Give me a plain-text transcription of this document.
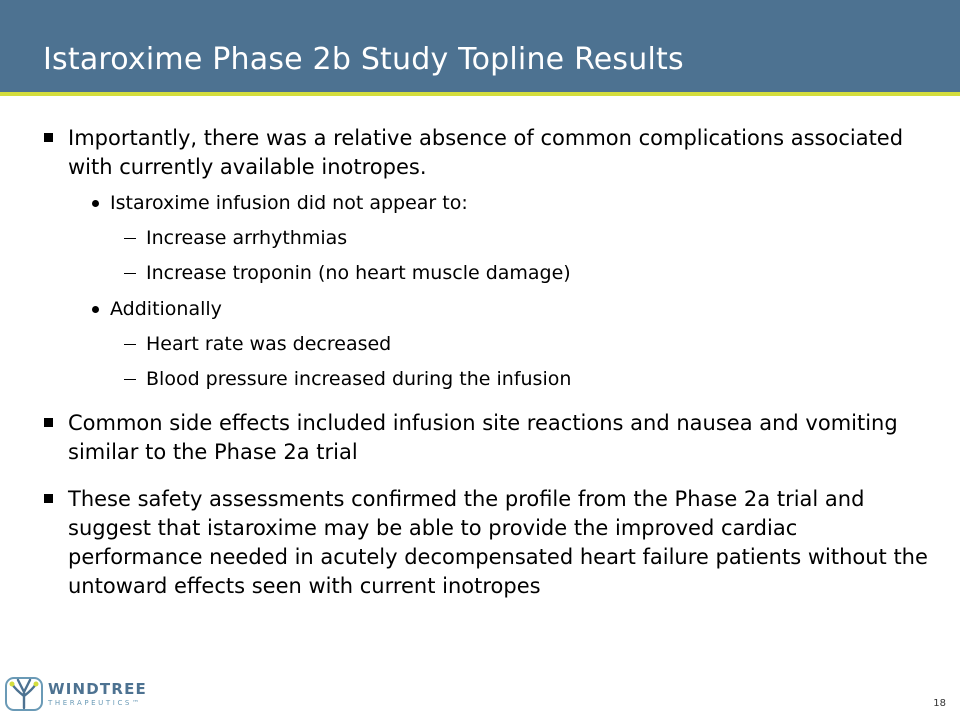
Istaroxime Phase 2b Study Topline Results
Importantly, there was a relative absence of common complications associated with currently available inotropes.
Istaroxime infusion did not appear to:
Increase arrhythmias
Increase troponin (no heart muscle damage)
Additionally
Heart rate was decreased
Blood pressure increased during the infusion
Common side effects included infusion site reactions and nausea and vomiting similar to the Phase 2a trial
These safety assessments confirmed the profile from the Phase 2a trial and suggest that istaroxime may be able to provide the improved cardiac performance needed in acutely decompensated heart failure patients without the untoward effects seen with current inotropes
WINDTREE
THERAPEUTICS™	18
